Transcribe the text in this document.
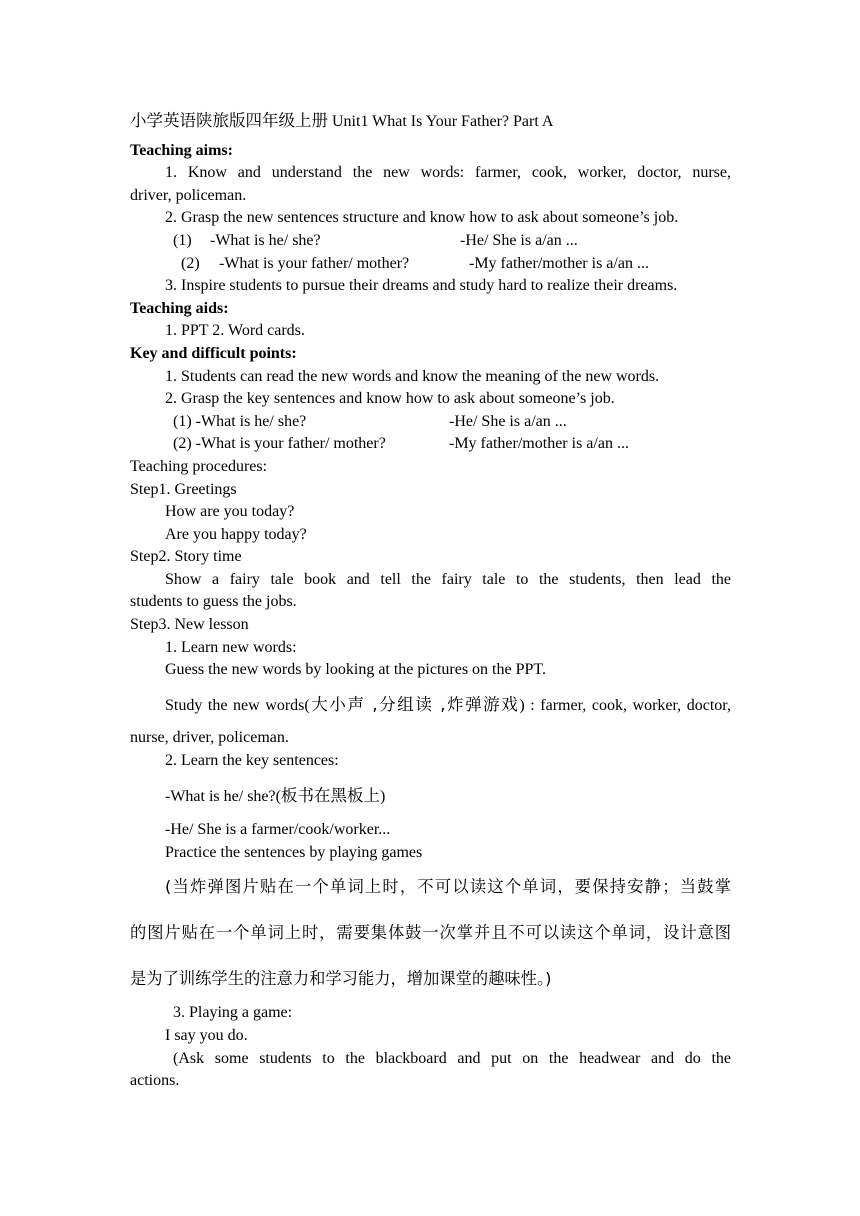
小学英语陕旅版四年级上册 Unit1 What Is Your Father? Part A
Teaching aims:
1. Know and understand the new words: farmer, cook, worker, doctor, nurse,
driver, policeman.
2. Grasp the new sentences structure and know how to ask about someone’s job.
(1) -What is he/ she?	-He/ She is a/an ...
(2) -What is your father/ mother?	-My father/mother is a/an ...
3. Inspire students to pursue their dreams and study hard to realize their dreams.
Teaching aids:
1. PPT 2. Word cards.
Key and difficult points:
1. Students can read the new words and know the meaning of the new words.
2. Grasp the key sentences and know how to ask about someone’s job.
(1) -What is he/ she?	-He/ She is a/an ...
(2) -What is your father/ mother?	-My father/mother is a/an ...
Teaching procedures:
Step1. Greetings
How are you today?
Are you happy today?
Step2. Story time
Show a fairy tale book and tell the fairy tale to the students, then lead the
students to guess the jobs.
Step3. New lesson
1. Learn new words:
Guess the new words by looking at the pictures on the PPT.
Study the new words(大小声 ,分组读 ,炸弹游戏) : farmer, cook, worker, doctor,
nurse, driver, policeman.
2. Learn the key sentences:
-What is he/ she?(板书在黑板上)
-He/ She is a farmer/cook/worker...
Practice the sentences by playing games
(当炸弹图片贴在一个单词上时，不可以读这个单词，要保持安静；当鼓掌
的图片贴在一个单词上时，需要集体鼓一次掌并且不可以读这个单词，设计意图
是为了训练学生的注意力和学习能力，增加课堂的趣味性。)
3. Playing a game:
I say you do.
(Ask some students to the blackboard and put on the headwear and do the
actions.
